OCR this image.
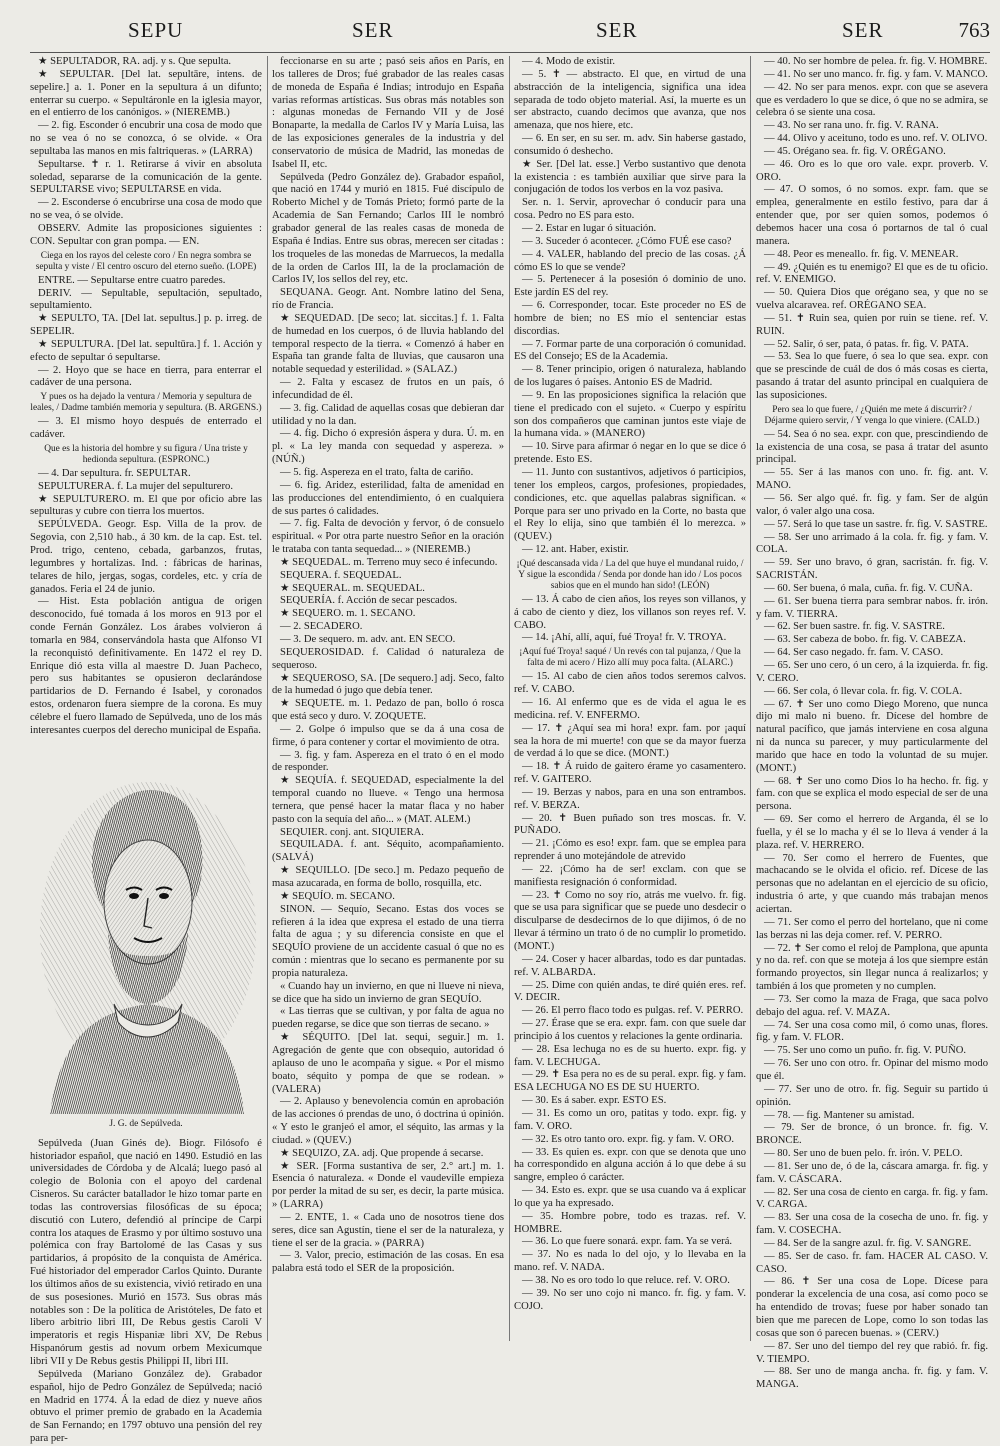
SEPU	SER	SER	SER	763

★ SEPULTADOR, RA. adj. y s. Que sepulta.

★ SEPULTAR. [Del lat. sepultāre, intens. de sepelire.] a. 1. Poner en la sepultura á un difunto; enterrar su cuerpo. « Sepultáronle en la iglesia mayor, en el entierro de los canónigos. » (NIEREMB.)

— 2. fig. Esconder ó encubrir una cosa de modo que no se vea ó no se conozca, ó se olvide. « Ora sepultaba las manos en mis faltriqueras. » (LARRA)

Sepultarse. ✝ r. 1. Retirarse á vivir en absoluta soledad, separarse de la comunicación de la gente. SEPULTARSE vivo; SEPULTARSE en vida.

— 2. Esconderse ó encubrirse una cosa de modo que no se vea, ó se olvide.

OBSERV. Admite las proposiciones siguientes : CON. Sepultar con gran pompa. — EN.

Ciega en los rayos del celeste coro / En negra sombra se sepulta y viste / El centro oscuro del eterno sueño. (LOPE)

ENTRE. — Sepultarse entre cuatro paredes.

DERIV. — Sepultable, sepultación, sepultado, sepultamiento.

★ SEPULTO, TA. [Del lat. sepultus.] p. p. irreg. de SEPELIR.

★ SEPULTURA. [Del lat. sepultūra.] f. 1. Acción y efecto de sepultar ó sepultarse.

— 2. Hoyo que se hace en tierra, para enterrar el cadáver de una persona.

Y pues os ha dejado la ventura / Memoria y sepultura de leales, / Dadme también memoria y sepultura. (B. ARGENS.)

— 3. El mismo hoyo después de enterrado el cadáver.

Que es la historia del hombre y su figura / Una triste y hedionda sepultura. (ESPRONC.)

— 4. Dar sepultura. fr. SEPULTAR.

SEPULTURERA. f. La mujer del sepulturero.

★ SEPULTURERO. m. El que por oficio abre las sepulturas y cubre con tierra los muertos.

SEPÚLVEDA. Geogr. Esp. Villa de la prov. de Segovia, con 2,510 hab., á 30 km. de la cap. Est. tel. Prod. trigo, centeno, cebada, garbanzos, frutas, legumbres y hortalizas. Ind. : fábricas de harinas, telares de hilo, jergas, sogas, cordeles, etc. y cría de ganados. Feria el 24 de junio.

— Hist. Esta población antigua de origen desconocido, fué tomada á los moros en 913 por el conde Fernán González. Los árabes volvieron á tomarla en 984, conservándola hasta que Alfonso VI la reconquistó definitivamente. En 1472 el rey D. Enrique dió esta villa al maestre D. Juan Pacheco, pero sus habitantes se opusieron declarándose partidarios de D. Fernando é Isabel, y coronados estos, ordenaron fuera siempre de la corona. Es muy célebre el fuero llamado de Sepúlveda, uno de los más interesantes cuerpos del derecho municipal de España.

J. G. de Sepúlveda.

Sepúlveda (Juan Ginés de). Biogr. Filósofo é historiador español, que nació en 1490. Estudió en las universidades de Córdoba y de Alcalá; luego pasó al colegio de Bolonia con el apoyo del cardenal Cisneros. Su carácter batallador le hizo tomar parte en todas las controversias filosóficas de su época; discutió con Lutero, defendió al príncipe de Carpi contra los ataques de Erasmo y por último sostuvo una polémica con fray Bartolomé de las Casas y sus partidarios, á propósito de la conquista de América. Fué historiador del emperador Carlos Quinto. Durante los últimos años de su existencia, vivió retirado en una de sus posesiones. Murió en 1573. Sus obras más notables son : De la política de Aristóteles, De fato et libero arbitrio libri III, De Rebus gestis Caroli V imperatoris et regis Hispaniæ libri XV, De Rebus Hispanórum gestis ad novum orbem Mexicumque libri VII y De Rebus gestis Philippi II, libri III.

Sepúlveda (Mariano González de). Grabador español, hijo de Pedro González de Sepúlveda; nació en Madrid en 1774. Á la edad de diez y nueve años obtuvo el primer premio de grabado en la Academia de San Fernando; en 1797 obtuvo una pensión del rey para per-

feccionarse en su arte ; pasó seis años en París, en los talleres de Dros; fué grabador de las reales casas de moneda de España é Indias; introdujo en España varias reformas artísticas. Sus obras más notables son : algunas monedas de Fernando VII y de José Bonaparte, la medalla de Carlos IV y María Luisa, las de las exposiciones generales de la industria y del conservatorio de música de Madrid, las monedas de Isabel II, etc.

Sepúlveda (Pedro González de). Grabador español, que nació en 1744 y murió en 1815. Fué discípulo de Roberto Michel y de Tomás Prieto; formó parte de la Academia de San Fernando; Carlos III le nombró grabador general de las reales casas de moneda de España é Indias. Entre sus obras, merecen ser citadas : los troqueles de las monedas de Marruecos, la medalla de la orden de Carlos III, la de la proclamación de Carlos IV, los sellos del rey, etc.

SEQUANA. Geogr. Ant. Nombre latino del Sena, río de Francia.

★ SEQUEDAD. [De seco; lat. siccitas.] f. 1. Falta de humedad en los cuerpos, ó de lluvia hablando del temporal respecto de la tierra. « Comenzó á haber en España tan grande falta de lluvias, que causaron una notable sequedad y esterilidad. » (SALAZ.)

— 2. Falta y escasez de frutos en un país, ó infecundidad de él.

— 3. fig. Calidad de aquellas cosas que debieran dar utilidad y no la dan.

— 4. fig. Dicho ó expresión áspera y dura. Ú. m. en pl. « La ley manda con sequedad y aspereza. » (NÚÑ.)

— 5. fig. Aspereza en el trato, falta de cariño.

— 6. fig. Aridez, esterilidad, falta de amenidad en las producciones del entendimiento, ó en cualquiera de sus partes ó calidades.

— 7. fig. Falta de devoción y fervor, ó de consuelo espiritual. « Por otra parte nuestro Señor en la oración le trataba con tanta sequedad... » (NIEREMB.)

★ SEQUEDAL. m. Terreno muy seco é infecundo.

SEQUERA. f. SEQUEDAL.

★ SEQUERAL. m. SEQUEDAL.

SEQUERÍA. f. Acción de secar pescados.

★ SEQUERO. m. 1. SECANO.

— 2. SECADERO.

— 3. De sequero. m. adv. ant. EN SECO.

SEQUEROSIDAD. f. Calidad ó naturaleza de sequeroso.

★ SEQUEROSO, SA. [De sequero.] adj. Seco, falto de la humedad ó jugo que debía tener.

★ SEQUETE. m. 1. Pedazo de pan, bollo ó rosca que está seco y duro. V. ZOQUETE.

— 2. Golpe ó impulso que se da á una cosa de firme, ó para contener y cortar el movimiento de otra.

— 3. fig. y fam. Aspereza en el trato ó en el modo de responder.

★ SEQUÍA. f. SEQUEDAD, especialmente la del temporal cuando no llueve. « Tengo una hermosa ternera, que pensé hacer la matar flaca y no haber pasto con la sequía del año... » (MAT. ALEM.)

SEQUIER. conj. ant. SIQUIERA.

SEQUILADA. f. ant. Séquito, acompañamiento. (SALVÁ)

★ SEQUILLO. [De seco.] m. Pedazo pequeño de masa azucarada, en forma de bollo, rosquilla, etc.

★ SEQUÍO. m. SECANO.

SINON. — Sequío, Secano. Estas dos voces se refieren á la idea que expresa el estado de una tierra falta de agua ; y su diferencia consiste en que el SEQUÍO proviene de un accidente casual ó que no es común : mientras que lo secano es permanente por su propia naturaleza.

« Cuando hay un invierno, en que ni llueve ni nieva, se dice que ha sido un invierno de gran SEQUÍO.

« Las tierras que se cultivan, y por falta de agua no pueden regarse, se dice que son tierras de secano. »

★ SÉQUITO. [Del lat. sequi, seguir.] m. 1. Agregación de gente que con obsequio, autoridad ó aplauso de uno le acompaña y sigue. « Por el mismo boato, séquito y pompa de que se rodean. » (VALERA)

— 2. Aplauso y benevolencia común en aprobación de las acciones ó prendas de uno, ó doctrina ú opinión. « Y esto le granjeó el amor, el séquito, las armas y la ciudad. » (QUEV.)

★ SEQUIZO, ZA. adj. Que propende á secarse.

★ SER. [Forma sustantiva de ser, 2.° art.] m. 1. Esencia ó naturaleza. « Donde el vaudeville empieza por perder la mitad de su ser, es decir, la parte música. » (LARRA)

— 2. ENTE, 1. « Cada uno de nosotros tiene dos seres, dice san Agustín, tiene el ser de la naturaleza, y tiene el ser de la gracia. » (PARRA)

— 3. Valor, precio, estimación de las cosas. En esa palabra está todo el SER de la proposición.

— 4. Modo de existir.

— 5. ✝ — abstracto. El que, en virtud de una abstracción de la inteligencia, significa una idea separada de todo objeto material. Así, la muerte es un ser abstracto, cuando decimos que avanza, que nos amenaza, que nos hiere, etc.

— 6. En ser, en su ser. m. adv. Sin haberse gastado, consumido ó deshecho.

★ Ser. [Del lat. esse.] Verbo sustantivo que denota la existencia : es también auxiliar que sirve para la conjugación de todos los verbos en la voz pasiva.

Ser. n. 1. Servir, aprovechar ó conducir para una cosa. Pedro no ES para esto.

— 2. Estar en lugar ó situación.

— 3. Suceder ó acontecer. ¿Cómo FUÉ ese caso?

— 4. VALER, hablando del precio de las cosas. ¿Á cómo ES lo que se vende?

— 5. Pertenecer á la posesión ó dominio de uno. Este jardín ES del rey.

— 6. Corresponder, tocar. Este proceder no ES de hombre de bien; no ES mío el sentenciar estas discordias.

— 7. Formar parte de una corporación ó comunidad. ES del Consejo; ES de la Academia.

— 8. Tener principio, origen ó naturaleza, hablando de los lugares ó países. Antonio ES de Madrid.

— 9. En las proposiciones significa la relación que tiene el predicado con el sujeto. « Cuerpo y espíritu son dos compañeros que caminan juntos este viaje de la humana vida. » (MANERO)

— 10. Sirve para afirmar ó negar en lo que se dice ó pretende. Esto ES.

— 11. Junto con sustantivos, adjetivos ó participios, tener los empleos, cargos, profesiones, propiedades, condiciones, etc. que aquellas palabras significan. « Porque para ser uno privado en la Corte, no basta que el Rey lo elija, sino que también él lo merezca. » (QUEV.)

— 12. ant. Haber, existir.

¡Qué descansada vida / La del que huye el mundanal ruido, / Y sigue la escondida / Senda por donde han ido / Los pocos sabios que en el mundo han sido! (LEÓN)

— 13. Á cabo de cien años, los reyes son villanos, y á cabo de ciento y diez, los villanos son reyes ref. V. CABO.

— 14. ¡Ahí, allí, aquí, fué Troya! fr. V. TROYA.

¡Aquí fué Troya! saqué / Un revés con tal pujanza, / Que la falta de mi acero / Hizo allí muy poca falta. (ALARC.)

— 15. Al cabo de cien años todos seremos calvos. ref. V. CABO.

— 16. Al enfermo que es de vida el agua le es medicina. ref. V. ENFERMO.

— 17. ✝ ¿Aquí sea mi hora! expr. fam. por ¡aquí sea la hora de mi muerte! con que se da mayor fuerza de verdad á lo que se dice. (MONT.)

— 18. ✝ Á ruido de gaitero érame yo casamentero. ref. V. GAITERO.

— 19. Berzas y nabos, para en una son entrambos. ref. V. BERZA.

— 20. ✝ Buen puñado son tres moscas. fr. V. PUÑADO.

— 21. ¡Cómo es eso! expr. fam. que se emplea para reprender á uno motejándole de atrevido

— 22. ¡Cómo ha de ser! exclam. con que se manifiesta resignación ó conformidad.

— 23. ✝ Como no soy río, atrás me vuelvo. fr. fig. que se usa para significar que se puede uno desdecir o disculparse de desdecirnos de lo que dijimos, ó de no llevar á término un trato ó de no cumplir lo prometido. (MONT.)

— 24. Coser y hacer albardas, todo es dar puntadas. ref. V. ALBARDA.

— 25. Dime con quién andas, te diré quién eres. ref. V. DECIR.

— 26. El perro flaco todo es pulgas. ref. V. PERRO.

— 27. Érase que se era. expr. fam. con que suele dar principio á los cuentos y relaciones la gente ordinaria.

— 28. Esa lechuga no es de su huerto. expr. fig. y fam. V. LECHUGA.

— 29. ✝ Esa pera no es de su peral. expr. fig. y fam. ESA LECHUGA NO ES DE SU HUERTO.

— 30. Es á saber. expr. ESTO ES.

— 31. Es como un oro, patitas y todo. expr. fig. y fam. V. ORO.

— 32. Es otro tanto oro. expr. fig. y fam. V. ORO.

— 33. Es quien es. expr. con que se denota que uno ha correspondido en alguna acción á lo que debe á su sangre, empleo ó carácter.

— 34. Esto es. expr. que se usa cuando va á explicar lo que ya ha expresado.

— 35. Hombre pobre, todo es trazas. ref. V. HOMBRE.

— 36. Lo que fuere sonará. expr. fam. Ya se verá.

— 37. No es nada lo del ojo, y lo llevaba en la mano. ref. V. NADA.

— 38. No es oro todo lo que reluce. ref. V. ORO.

— 39. No ser uno cojo ni manco. fr. fig. y fam. V. COJO.

— 40. No ser hombre de pelea. fr. fig. V. HOMBRE.

— 41. No ser uno manco. fr. fig. y fam. V. MANCO.

— 42. No ser para menos. expr. con que se asevera que es verdadero lo que se dice, ó que no se admira, se celebra ó se siente una cosa.

— 43. No ser rana uno. fr. fig. V. RANA.

— 44. Olivo y aceituno, todo es uno. ref. V. OLIVO.

— 45. Orégano sea. fr. fig. V. ORÉGANO.

— 46. Oro es lo que oro vale. expr. proverb. V. ORO.

— 47. O somos, ó no somos. expr. fam. que se emplea, generalmente en estilo festivo, para dar á entender que, por ser quien somos, podemos ó debemos hacer una cosa ó portarnos de tal ó cual manera.

— 48. Peor es meneallo. fr. fig. V. MENEAR.

— 49. ¿Quién es tu enemigo? El que es de tu oficio. ref. V. ENEMIGO.

— 50. Quiera Dios que orégano sea, y que no se vuelva alcaravea. ref. ORÉGANO SEA.

— 51. ✝ Ruin sea, quien por ruin se tiene. ref. V. RUIN.

— 52. Salir, ó ser, pata, ó patas. fr. fig. V. PATA.

— 53. Sea lo que fuere, ó sea lo que sea. expr. con que se prescinde de cuál de dos ó más cosas es cierta, pasando á tratar del asunto principal en cualquiera de las suposiciones.

Pero sea lo que fuere, / ¿Quién me mete á discurrir? / Déjarme quiero servir, / Y venga lo que viniere. (CALD.)

— 54. Sea ó no sea. expr. con que, prescindiendo de la existencia de una cosa, se pasa á tratar del asunto principal.

— 55. Ser á las manos con uno. fr. fig. ant. V. MANO.

— 56. Ser algo qué. fr. fig. y fam. Ser de algún valor, ó valer algo una cosa.

— 57. Será lo que tase un sastre. fr. fig. V. SASTRE.

— 58. Ser uno arrimado á la cola. fr. fig. y fam. V. COLA.

— 59. Ser uno bravo, ó gran, sacristán. fr. fig. V. SACRISTÁN.

— 60. Ser buena, ó mala, cuña. fr. fig. V. CUÑA.

— 61. Ser buena tierra para sembrar nabos. fr. irón. y fam. V. TIERRA.

— 62. Ser buen sastre. fr. fig. V. SASTRE.

— 63. Ser cabeza de bobo. fr. fig. V. CABEZA.

— 64. Ser caso negado. fr. fam. V. CASO.

— 65. Ser uno cero, ó un cero, á la izquierda. fr. fig. V. CERO.

— 66. Ser cola, ó llevar cola. fr. fig. V. COLA.

— 67. ✝ Ser uno como Diego Moreno, que nunca dijo mi malo ni bueno. fr. Dícese del hombre de natural pacífico, que jamás interviene en cosa alguna ni da nunca su parecer, y muy particularmente del marido que hace en todo la voluntad de su mujer. (MONT.)

— 68. ✝ Ser uno como Dios lo ha hecho. fr. fig. y fam. con que se explica el modo especial de ser de una persona.

— 69. Ser como el herrero de Arganda, él se lo fuella, y él se lo macha y él se lo lleva á vender á la plaza. ref. V. HERRERO.

— 70. Ser como el herrero de Fuentes, que machacando se le olvida el oficio. ref. Dícese de las personas que no adelantan en el ejercicio de su oficio, industria ó arte, y que cuando más trabajan menos aciertan.

— 71. Ser como el perro del hortelano, que ni come las berzas ni las deja comer. ref. V. PERRO.

— 72. ✝ Ser como el reloj de Pamplona, que apunta y no da. ref. con que se moteja á los que siempre están formando proyectos, sin llegar nunca á realizarlos; y también á los que prometen y no cumplen.

— 73. Ser como la maza de Fraga, que saca polvo debajo del agua. ref. V. MAZA.

— 74. Ser una cosa como mil, ó como unas, flores. fig. y fam. V. FLOR.

— 75. Ser uno como un puño. fr. fig. V. PUÑO.

— 76. Ser uno con otro. fr. Opinar del mismo modo que él.

— 77. Ser uno de otro. fr. fig. Seguir su partido ú opinión.

— 78. — fig. Mantener su amistad.

— 79. Ser de bronce, ó un bronce. fr. fig. V. BRONCE.

— 80. Ser uno de buen pelo. fr. irón. V. PELO.

— 81. Ser uno de, ó de la, cáscara amarga. fr. fig. y fam. V. CÁSCARA.

— 82. Ser una cosa de ciento en carga. fr. fig. y fam. V. CARGA.

— 83. Ser una cosa de la cosecha de uno. fr. fig. y fam. V. COSECHA.

— 84. Ser de la sangre azul. fr. fig. V. SANGRE.

— 85. Ser de caso. fr. fam. HACER AL CASO. V. CASO.

— 86. ✝ Ser una cosa de Lope. Dícese para ponderar la excelencia de una cosa, así como poco se ha entendido de trovas; fuese por haber sonado tan bien que me parecen de Lope, como lo son todas las cosas que son ó parecen buenas. » (CERV.)

— 87. Ser uno del tiempo del rey que rabió. fr. fig. V. TIEMPO.

— 88. Ser uno de manga ancha. fr. fig. y fam. V. MANGA.
